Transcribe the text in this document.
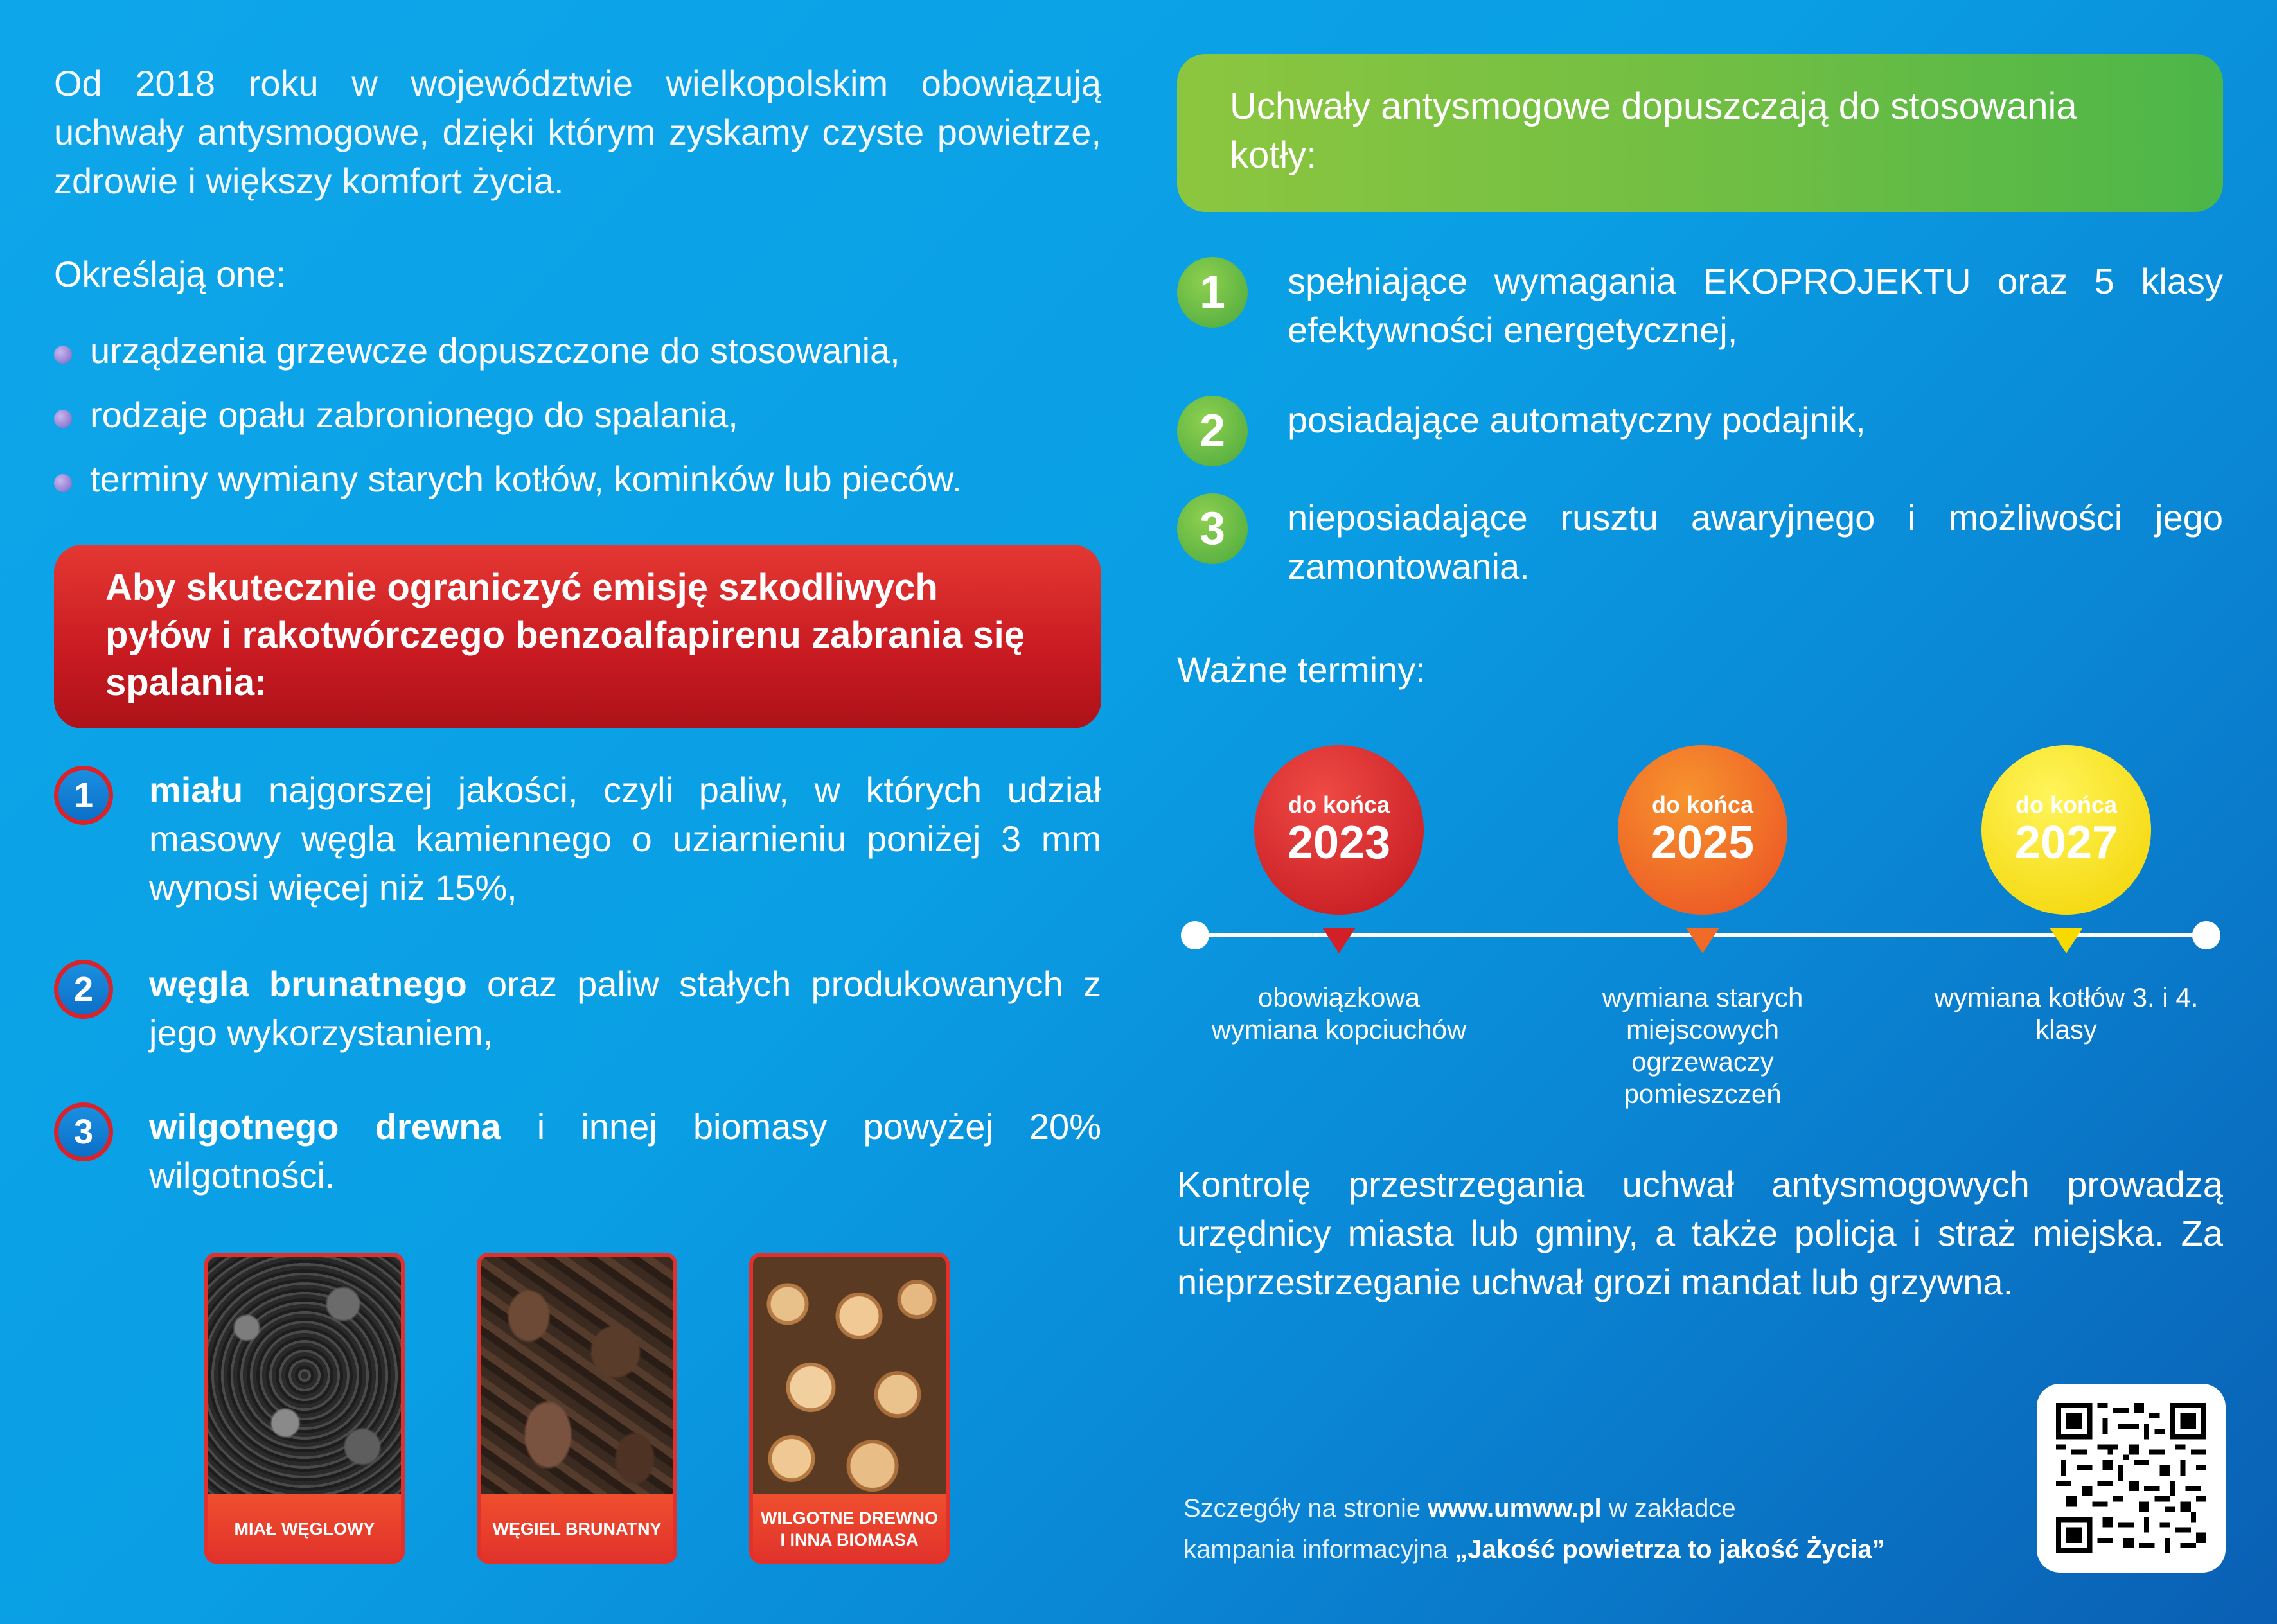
Od 2018 roku w województwie wielkopolskim obowiązują uchwały antysmogowe, dzięki którym zyskamy czyste powietrze, zdrowie i większy komfort życia.

Określają one:
urządzenia grzewcze dopuszczone do stosowania,
rodzaje opału zabronionego do spalania,
terminy wymiany starych kotłów, kominków lub pieców.

Aby skutecznie ograniczyć emisję szkodliwych pyłów i rakotwórczego benzoalfapirenu zabrania się spalania:

1	miału najgorszej jakości, czyli paliw, w których udział masowy węgla kamiennego o uziarnieniu poniżej 3 mm wynosi więcej niż 15%,

2	węgla brunatnego oraz paliw stałych produkowanych z jego wykorzystaniem,

3	wilgotnego drewna i innej biomasy powyżej 20% wilgotności.

MIAŁ WĘGLOWY	WĘGIEL BRUNATNY
WILGOTNE DREWNO I INNA BIOMASA

Uchwały antysmogowe dopuszczają do stosowania kotły:

1	spełniające wymagania EKOPROJEKTU oraz 5 klasy efektywności energetycznej,

2	posiadające automatyczny podajnik,

3	nieposiadające rusztu awaryjnego i możliwości jego zamontowania.

Ważne terminy:
do końca
2023
do końca
2025
do końca
2027
obowiązkowa wymiana kopciuchów
wymiana starych miejscowych ogrzewaczy pomieszczeń
wymiana kotłów 3. i 4. klasy

Kontrolę przestrzegania uchwał antysmogowych prowadzą urzędnicy miasta lub gminy, a także policja i straż miejska. Za nieprzestrzeganie uchwał grozi mandat lub grzywna.

Szczegóły na stronie www.umww.pl w zakładce
kampania informacyjna „Jakość powietrza to jakość Życia”
